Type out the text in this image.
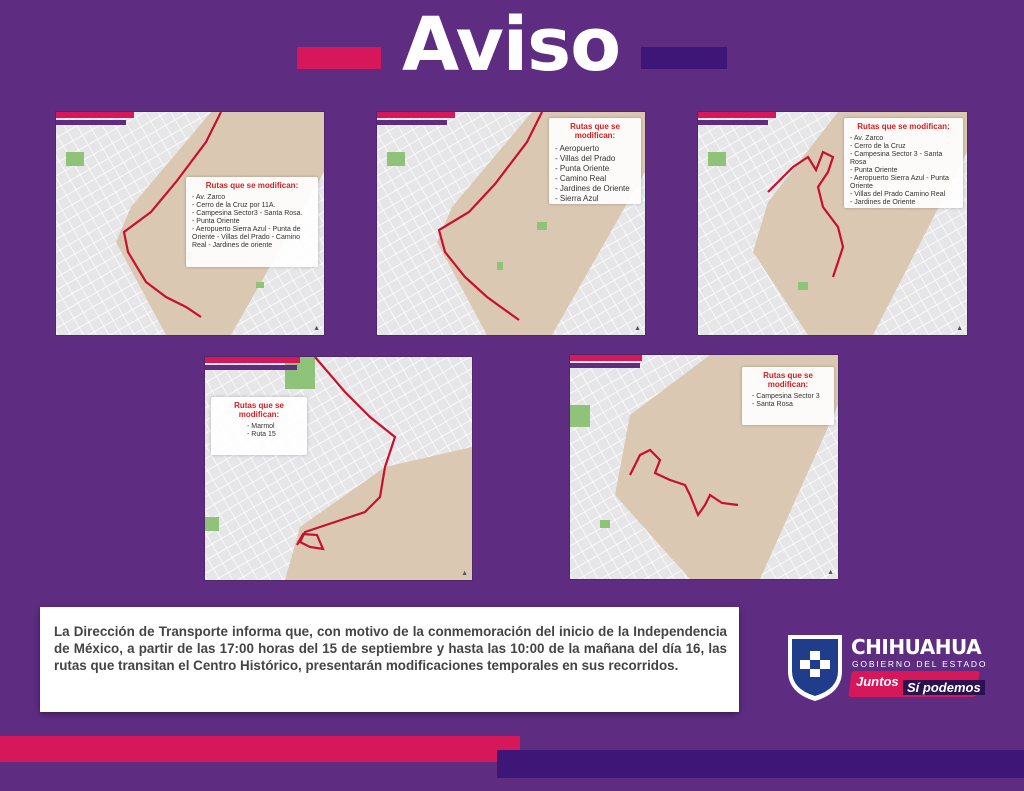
Aviso
Rutas que se modifican:
- Av. Zarco
- Cerro de la Cruz por 11A.
- Campesina Sector3 - Santa Rosa.
- Punta Oriente
- Aeropuerto Sierra Azul - Punta de Oriente - Villas del Prado - Camino Real - Jardines de oriente
▲
Rutas que se modifican:
- Aeropuerto
- Villas del Prado
- Punta Oriente
- Camino Real
- Jardines de Oriente
- Sierra Azul
▲
Rutas que se modifican:
- Av. Zarco
- Cerro de la Cruz
- Campesina Sector 3 - Santa Rosa
- Punta Oriente
- Aeropuerto Sierra Azul - Punta Oriente
- Villas del Prado Camino Real
- Jardines de Oriente
▲
Rutas que se modifican:
- Marmol
- Ruta 15
▲
Rutas que se modifican:
- Campesina Sector 3
- Santa Rosa
▲

La Dirección de Transporte informa que, con motivo de la conmemoración del inicio de la Independencia de México, a partir de las 17:00 horas del 15 de septiembre y hasta las 10:00 de la mañana del día 16, las rutas que transitan el Centro Histórico, presentarán modificaciones temporales en sus recorridos.

CHIHUAHUA
GOBIERNO DEL ESTADO
Juntos Sí podemos
